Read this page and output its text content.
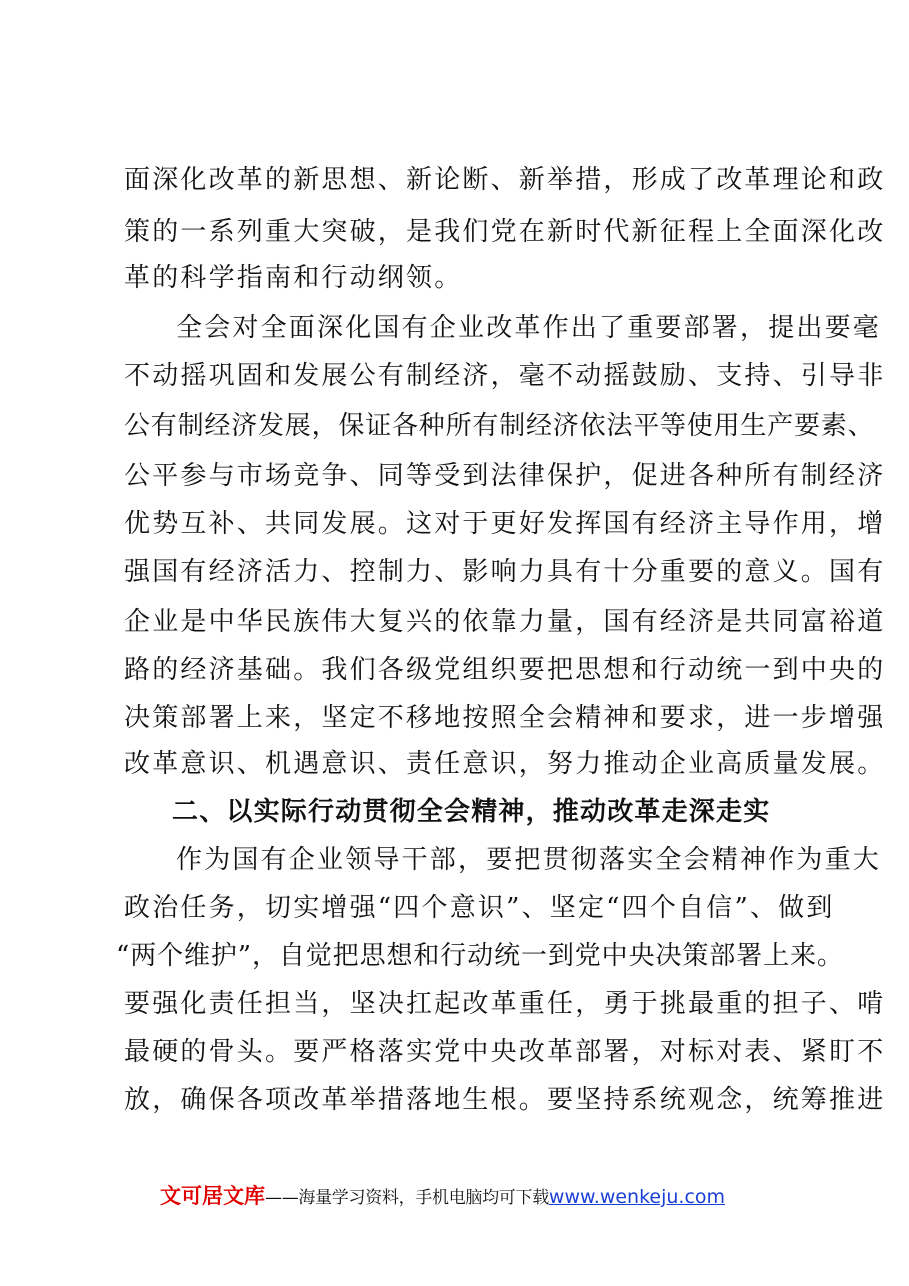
面深化改革的新思想、新论断、新举措，形成了改革理论和政
策的一系列重大突破，是我们党在新时代新征程上全面深化改
革的科学指南和行动纲领。
全会对全面深化国有企业改革作出了重要部署，提出要毫
不动摇巩固和发展公有制经济，毫不动摇鼓励、支持、引导非
公有制经济发展，保证各种所有制经济依法平等使用生产要素、
公平参与市场竞争、同等受到法律保护，促进各种所有制经济
优势互补、共同发展。这对于更好发挥国有经济主导作用，增
强国有经济活力、控制力、影响力具有十分重要的意义。国有
企业是中华民族伟大复兴的依靠力量，国有经济是共同富裕道
路的经济基础。我们各级党组织要把思想和行动统一到中央的
决策部署上来，坚定不移地按照全会精神和要求，进一步增强
改革意识、机遇意识、责任意识，努力推动企业高质量发展。
二、以实际行动贯彻全会精神，推动改革走深走实
作为国有企业领导干部，要把贯彻落实全会精神作为重大
政治任务，切实增强“四个意识”、坚定“四个自信”、做到
“两个维护”，自觉把思想和行动统一到党中央决策部署上来。
要强化责任担当，坚决扛起改革重任，勇于挑最重的担子、啃
最硬的骨头。要严格落实党中央改革部署，对标对表、紧盯不
放，确保各项改革举措落地生根。要坚持系统观念，统筹推进
文可居文库——海量学习资料，手机电脑均可下载www.wenkeju.com
